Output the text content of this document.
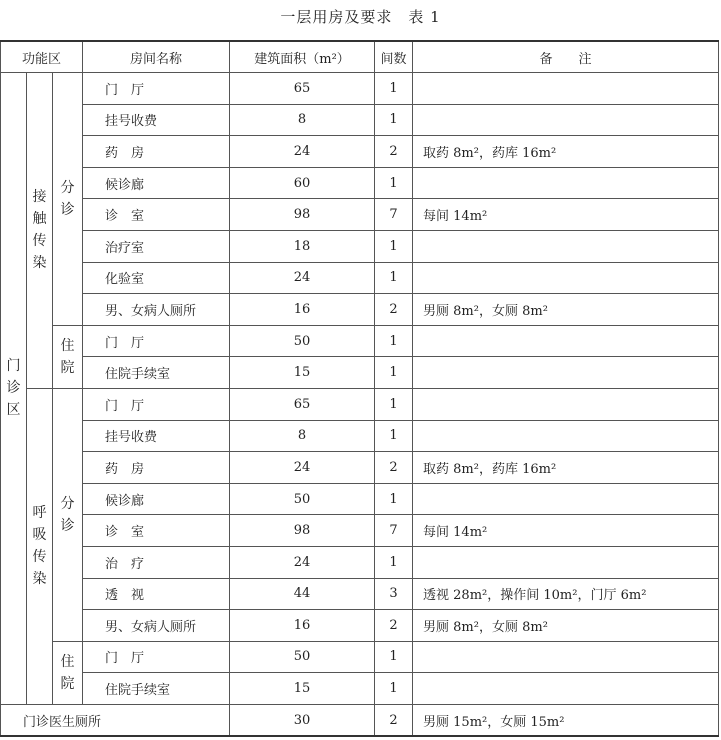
一层用房及要求　表 1
功能区			房间名称	建筑面积（m²）	间数	备　　注
门诊区	接触传染	分诊	门　厅	65	1	
			挂号收费	8	1	
			药　房	24	2	取药 8m²，药库 16m²
			候诊廊	60	1	
			诊　室	98	7	每间 14m²
			治疗室	18	1	
			化验室	24	1	
			男、女病人厕所	16	2	男厕 8m²，女厕 8m²
		住院	门　厅	50	1	
			住院手续室	15	1	
	呼吸传染	分诊	门　厅	65	1	
			挂号收费	8	1	
			药　房	24	2	取药 8m²，药库 16m²
			候诊廊	50	1	
			诊　室	98	7	每间 14m²
			治　疗	24	1	
			透　视	44	3	透视 28m²，操作间 10m²，门厅 6m²
			男、女病人厕所	16	2	男厕 8m²，女厕 8m²
		住院	门　厅	50	1	
			住院手续室	15	1	
门诊医生厕所				30	2	男厕 15m²，女厕 15m²
